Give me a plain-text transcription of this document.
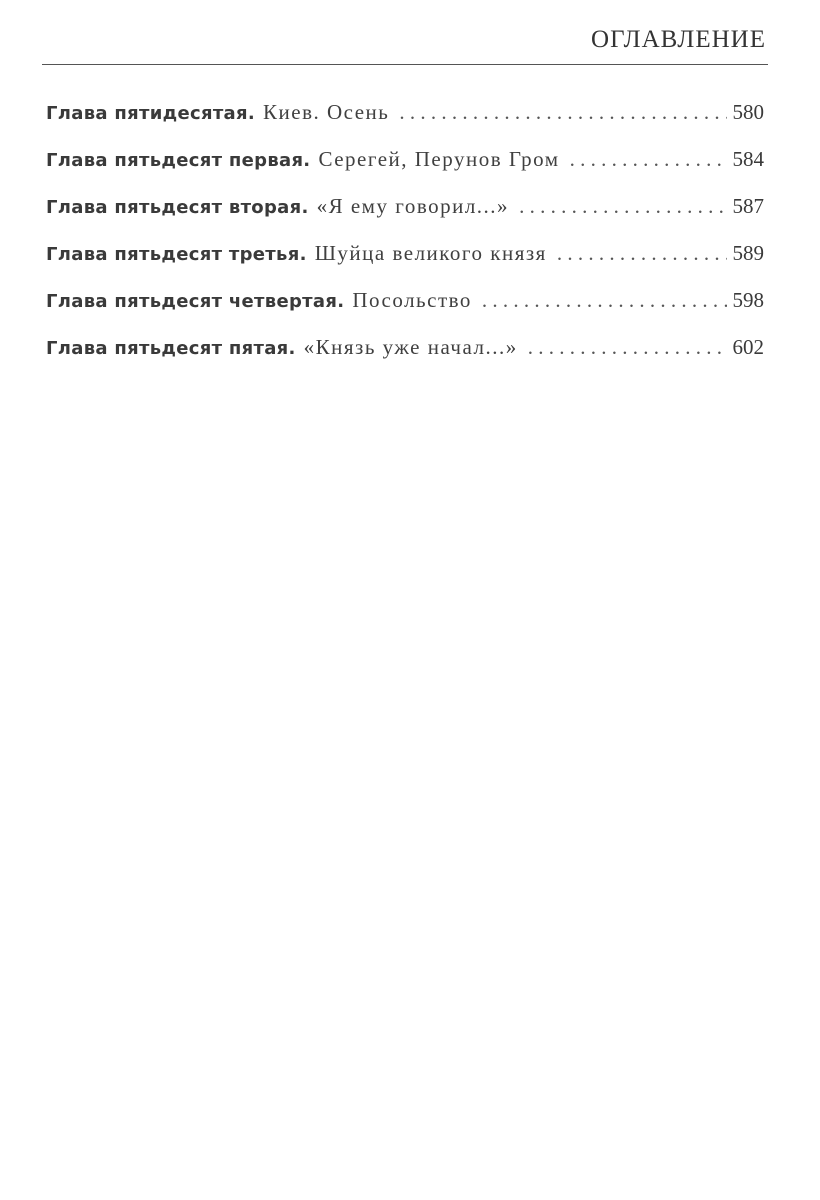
ОГЛАВЛЕНИЕ
Глава пятидесятая. Киев. Осень . . .	580
Глава пятьдесят первая. Серегей, Перунов Гром . . .	584
Глава пятьдесят вторая. «Я ему говорил...» . . .	587
Глава пятьдесят третья. Шуйца великого князя . . .	589
Глава пятьдесят четвертая. Посольство . . .	598
Глава пятьдесят пятая. «Князь уже начал...» . . .	602
